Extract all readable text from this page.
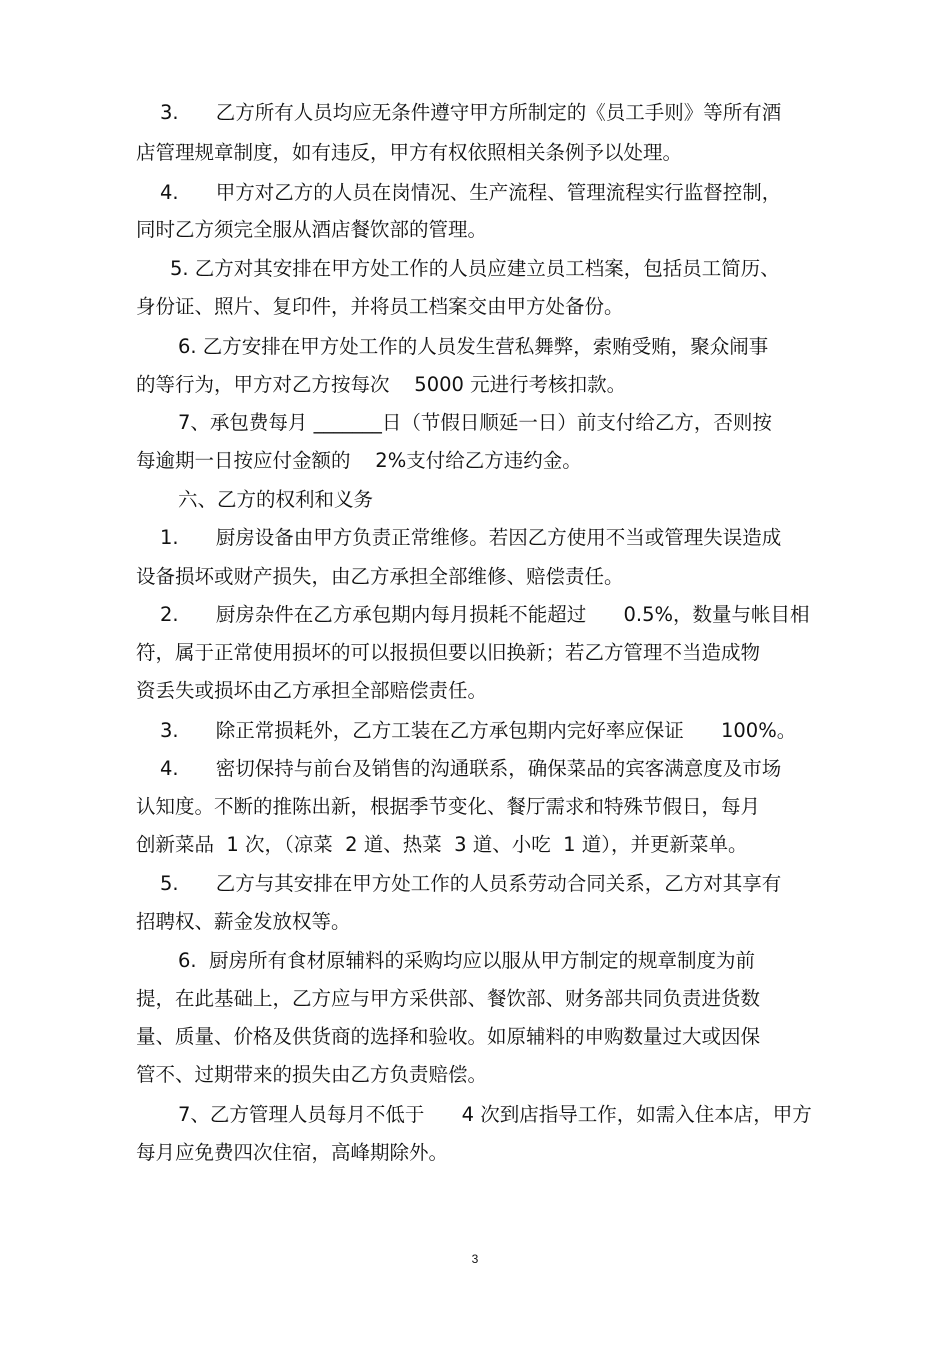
3.      乙方所有人员均应无条件遵守甲方所制定的《员工手则》等所有酒
店管理规章制度，如有违反，甲方有权依照相关条例予以处理。
4.      甲方对乙方的人员在岗情况、生产流程、管理流程实行监督控制，
同时乙方须完全服从酒店餐饮部的管理。
5. 乙方对其安排在甲方处工作的人员应建立员工档案，包括员工简历、
身份证、照片、复印件，并将员工档案交由甲方处备份。
6. 乙方安排在甲方处工作的人员发生营私舞弊，索贿受贿，聚众闹事
的等行为，甲方对乙方按每次    5000 元进行考核扣款。
7、承包费每月 _______日（节假日顺延一日）前支付给乙方，否则按
每逾期一日按应付金额的    2%支付给乙方违约金。
六、乙方的权利和义务
1.      厨房设备由甲方负责正常维修。若因乙方使用不当或管理失误造成
设备损坏或财产损失，由乙方承担全部维修、赔偿责任。
2.      厨房杂件在乙方承包期内每月损耗不能超过      0.5%，数量与帐目相
符，属于正常使用损坏的可以报损但要以旧换新；若乙方管理不当造成物
资丢失或损坏由乙方承担全部赔偿责任。
3.      除正常损耗外，乙方工装在乙方承包期内完好率应保证      100%。
4.      密切保持与前台及销售的沟通联系，确保菜品的宾客满意度及市场
认知度。不断的推陈出新，根据季节变化、餐厅需求和特殊节假日，每月
创新菜品  1 次，（凉菜  2 道、热菜  3 道、小吃  1 道），并更新菜单。
5.      乙方与其安排在甲方处工作的人员系劳动合同关系，乙方对其享有
招聘权、薪金发放权等。
6.  厨房所有食材原辅料的采购均应以服从甲方制定的规章制度为前
提，在此基础上，乙方应与甲方采供部、餐饮部、财务部共同负责进货数
量、质量、价格及供货商的选择和验收。如原辅料的申购数量过大或因保
管不、过期带来的损失由乙方负责赔偿。
7、乙方管理人员每月不低于      4 次到店指导工作，如需入住本店，甲方
每月应免费四次住宿，高峰期除外。
3
